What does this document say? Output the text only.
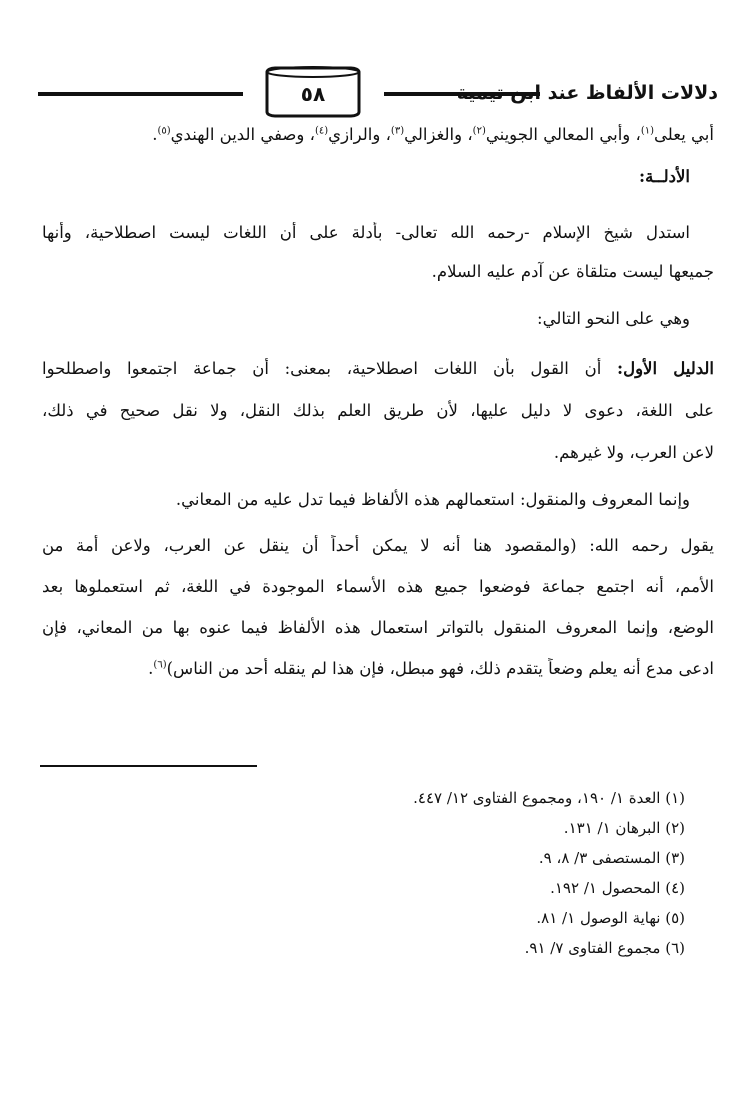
دلالات الألفاظ عند ابن تيمية
٥٨
أبي يعلى$^{(١)}$، وأبي المعالي الجويني$^{(٢)}$، والغزالي$^{(٣)}$، والرازي$^{(٤)}$، وصفي الدين الهندي$^{(٥)}$.
الأدلــة:
استدل شيخ الإسلام -رحمه الله تعالى- بأدلة على أن اللغات ليست اصطلاحية، وأنها
جميعها ليست متلقاة عن آدم عليه السلام.
وهي على النحو التالي:
الدليل الأول: أن القول بأن اللغات اصطلاحية، بمعنى: أن جماعة اجتمعوا واصطلحوا
على اللغة، دعوى لا دليل عليها، لأن طريق العلم بذلك النقل، ولا نقل صحيح في ذلك،
لاعن العرب، ولا غيرهم.
وإنما المعروف والمنقول: استعمالهم هذه الألفاظ فيما تدل عليه من المعاني.
يقول رحمه الله: (والمقصود هنا أنه لا يمكن أحداً أن ينقل عن العرب، ولاعن أمة من
الأمم، أنه اجتمع جماعة فوضعوا جميع هذه الأسماء الموجودة في اللغة، ثم استعملوها بعد
الوضع، وإنما المعروف المنقول بالتواتر استعمال هذه الألفاظ فيما عنوه بها من المعاني، فإن
ادعى مدع أنه يعلم وضعاً يتقدم ذلك، فهو مبطل، فإن هذا لم ينقله أحد من الناس)$^{(٦)}$.
(١) العدة ١/ ١٩٠، ومجموع الفتاوى ١٢/ ٤٤٧.
(٢) البرهان ١/ ١٣١.
(٣) المستصفى ٣/ ٨، ٩.
(٤) المحصول ١/ ١٩٢.
(٥) نهاية الوصول ١/ ٨١.
(٦) مجموع الفتاوى ٧/ ٩١.
